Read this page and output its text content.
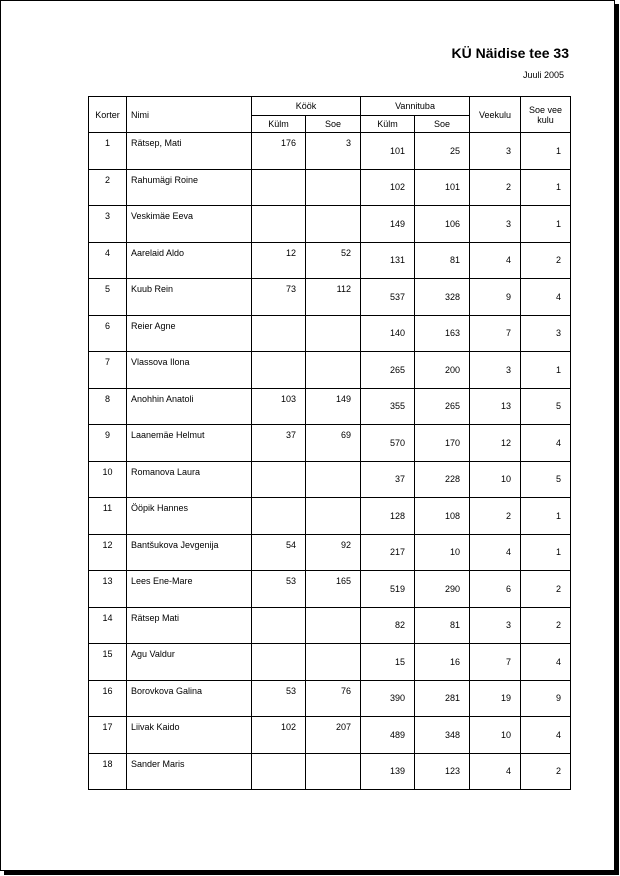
KÜ Näidise tee 33
Juuli 2005
Korter	Nimi	Köök		Vannituba		Veekulu	Soe vee kulu
		Külm	Soe	Külm	Soe		
1	Rätsep, Mati	176	3	101	25	3	1
2	Rahumägi Roine			102	101	2	1
3	Veskimäe Eeva			149	106	3	1
4	Aarelaid Aldo	12	52	131	81	4	2
5	Kuub Rein	73	112	537	328	9	4
6	Reier Agne			140	163	7	3
7	Vlassova Ilona			265	200	3	1
8	Anohhin Anatoli	103	149	355	265	13	5
9	Laanemäe Helmut	37	69	570	170	12	4
10	Romanova Laura			37	228	10	5
11	Ööpik Hannes			128	108	2	1
12	Bantšukova Jevgenija	54	92	217	10	4	1
13	Lees Ene-Mare	53	165	519	290	6	2
14	Rätsep Mati			82	81	3	2
15	Agu Valdur			15	16	7	4
16	Borovkova Galina	53	76	390	281	19	9
17	Liivak Kaido	102	207	489	348	10	4
18	Sander Maris			139	123	4	2
